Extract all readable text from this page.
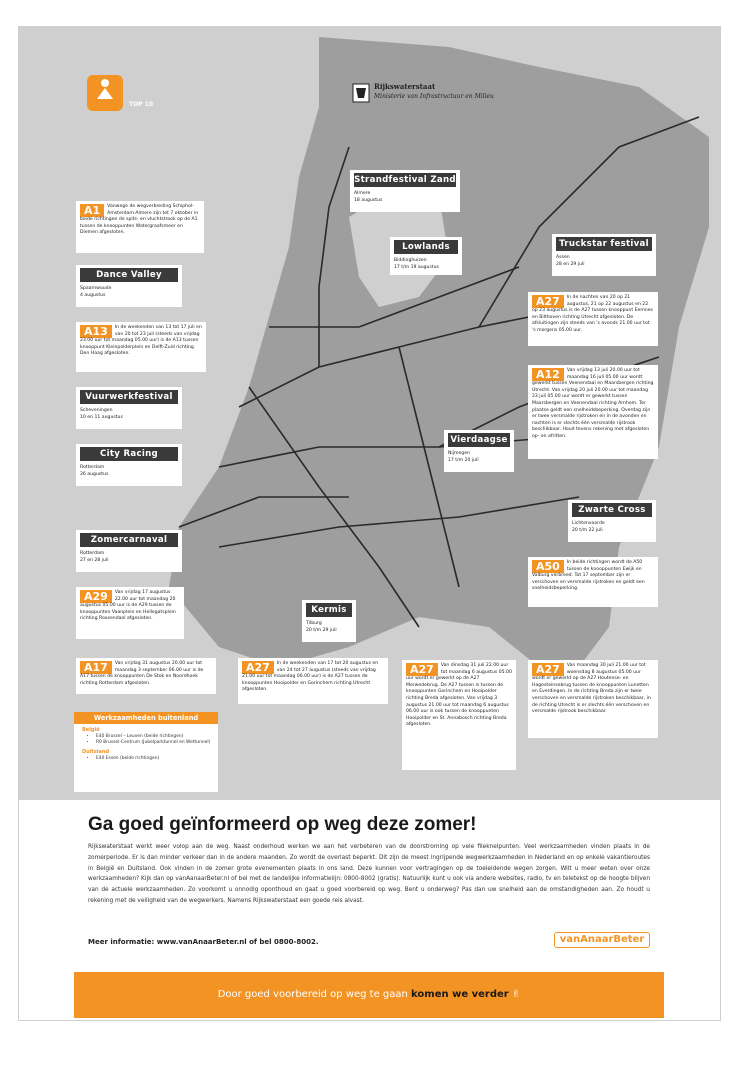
TOP 10
Rijkswaterstaat
Ministerie van Infrastructuur en Milieu
Strandfestival Zand
Almere
18 augustus
Lowlands
Biddinghuizen
17 t/m 19 augustus
Truckstar festival
Assen
28 en 29 juli
Dance Valley
Spaarnwoude
4 augustus
Vuurwerkfestival
Scheveningen
10 en 11 augustus
City Racing
Rotterdam
26 augustus
Vierdaagse
Nijmegen
17 t/m 20 juli
Zwarte Cross
Lichtenvoorde
20 t/m 22 juli
Zomercarnaval
Rotterdam
27 en 28 juli
Kermis
Tilburg
20 t/m 29 juli
A1	Vanwege de wegverbreding Schiphol-Amsterdam-Almere zijn tot 7 oktober in beide richtingen de spits- en vluchtstrook op de A1 tussen de knooppunten Watergraafsmeer en Diemen afgesloten.
A13	In de weekenden van 13 tot 17 juli en van 20 tot 23 juli (steeds van vrijdag 23.00 uur tot maandag 05.00 uur) is de A13 tussen knooppunt Kleinpolderplein en Delft-Zuid richting Den Haag afgesloten.
A27	In de nachten van 20 op 21 augustus, 21 op 22 augustus en 22 op 23 augustus is de A27 tussen knooppunt Eemnes en Bilthoven richting Utrecht afgesloten. De afsluitingen zijn steeds van 's avonds 21.00 uur tot 's morgens 05.00 uur.
A12	Van vrijdag 13 juli 20.00 uur tot maandag 16 juli 05.00 uur wordt gewerkt tussen Veenendaal en Maarsbergen richting Utrecht. Van vrijdag 20 juli 20.00 uur tot maandag 23 juli 05.00 uur wordt er gewerkt tussen Maarsbergen en Veenendaal richting Arnhem. Ter plaatse geldt een snelheidsbeperking. Overdag zijn er twee versmalde rijstroken en in de avonden en nachten is er slechts één versmalde rijstrook beschikbaar. Houd tevens rekening met afgesloten op- en afritten.
A50	In beide richtingen wordt de A50 tussen de knooppunten Ewijk en Valburg verbreed. Tot 17 september zijn er verschoven en versmalde rijstroken en geldt een snelheidsbeperking.
A29	Van vrijdag 17 augustus 22.00 uur tot maandag 20 augustus 05.00 uur is de A29 tussen de knooppunten Vaanplein en Hellegatsplein richting Roosendaal afgesloten.
A17	Van vrijdag 31 augustus 20.00 uur tot maandag 3 september 06.00 uur is de A17 tussen de knooppunten De Stok en Noordhoek richting Rotterdam afgesloten.
A27	In de weekenden van 17 tot 20 augustus en van 24 tot 27 augustus (steeds van vrijdag 21.00 uur tot maandag 06.00 uur) is de A27 tussen de knooppunten Hooipolder en Gorinchem richting Utrecht afgesloten.
A27	Van dinsdag 31 juli 22.00 uur tot maandag 6 augustus 05.00 uur wordt er gewerkt op de A27 Merwedebrug. De A27 tussen is tussen de knooppunten Gorinchem en Hooipolder richting Breda afgesloten. Van vrijdag 3 augustus 21.00 uur tot maandag 6 augustus 06.00 uur is ook tussen de knooppunten Hooipolder en St. Annabosch richting Breda afgesloten.
A27	Van maandag 30 juli 21.00 uur tot woensdag 8 augustus 05.00 uur wordt er gewerkt op de A27 Houtense- en Hagesteinsebrug tussen de knooppunten Lunetten en Everdingen. In de richting Breda zijn er twee verschoven en versmalde rijstroken beschikbaar, in de richting Utrecht is er slechts één verschoven en versmalde rijstrook beschikbaar.
Werkzaamheden buitenland
België
• E40 Brussel – Leuven (beide richtingen)
• R0 Brussel-Centrum (Jubelparktunnel en Wettunnel)
Duitsland
• E40 Essen (beide richtingen)
Ga goed geïnformeerd op weg deze zomer!

Rijkswaterstaat werkt weer volop aan de weg. Naast onderhoud werken we aan het verbeteren van de doorstroming op vele fileknelpunten. Veel werkzaamheden vinden plaats in de zomerperiode. Er is dan minder verkeer dan in de andere maanden. Zo wordt de overlast beperkt. Dit zijn de meest ingrijpende wegwerkzaamheden in Nederland en op enkele vakantieroutes in België en Duitsland. Ook vinden in de zomer grote evenementen plaats in ons land. Deze kunnen voor vertragingen op de toeleidende wegen zorgen. Wilt u meer weten over onze werkzaamheden? Kijk dan op vanAanaarBeter.nl of bel met de landelijke informatielijn: 0800-8002 (gratis). Natuurlijk kunt u ook via andere websites, radio, tv en teletekst op de hoogte blijven van de actuele werkzaamheden. Zo voorkomt u onnodig oponthoud en gaat u goed voorbereid op weg. Bent u onderweg? Pas dan uw snelheid aan de omstandigheden aan. Zo houdt u rekening met de veiligheid van de wegwerkers. Namens Rijkswaterstaat een goede reis alvast.

Meer informatie: www.vanAnaarBeter.nl of bel 0800-8002.	vanAnaarBeter
Door goed voorbereid op weg te gaan komen we verder ✌
